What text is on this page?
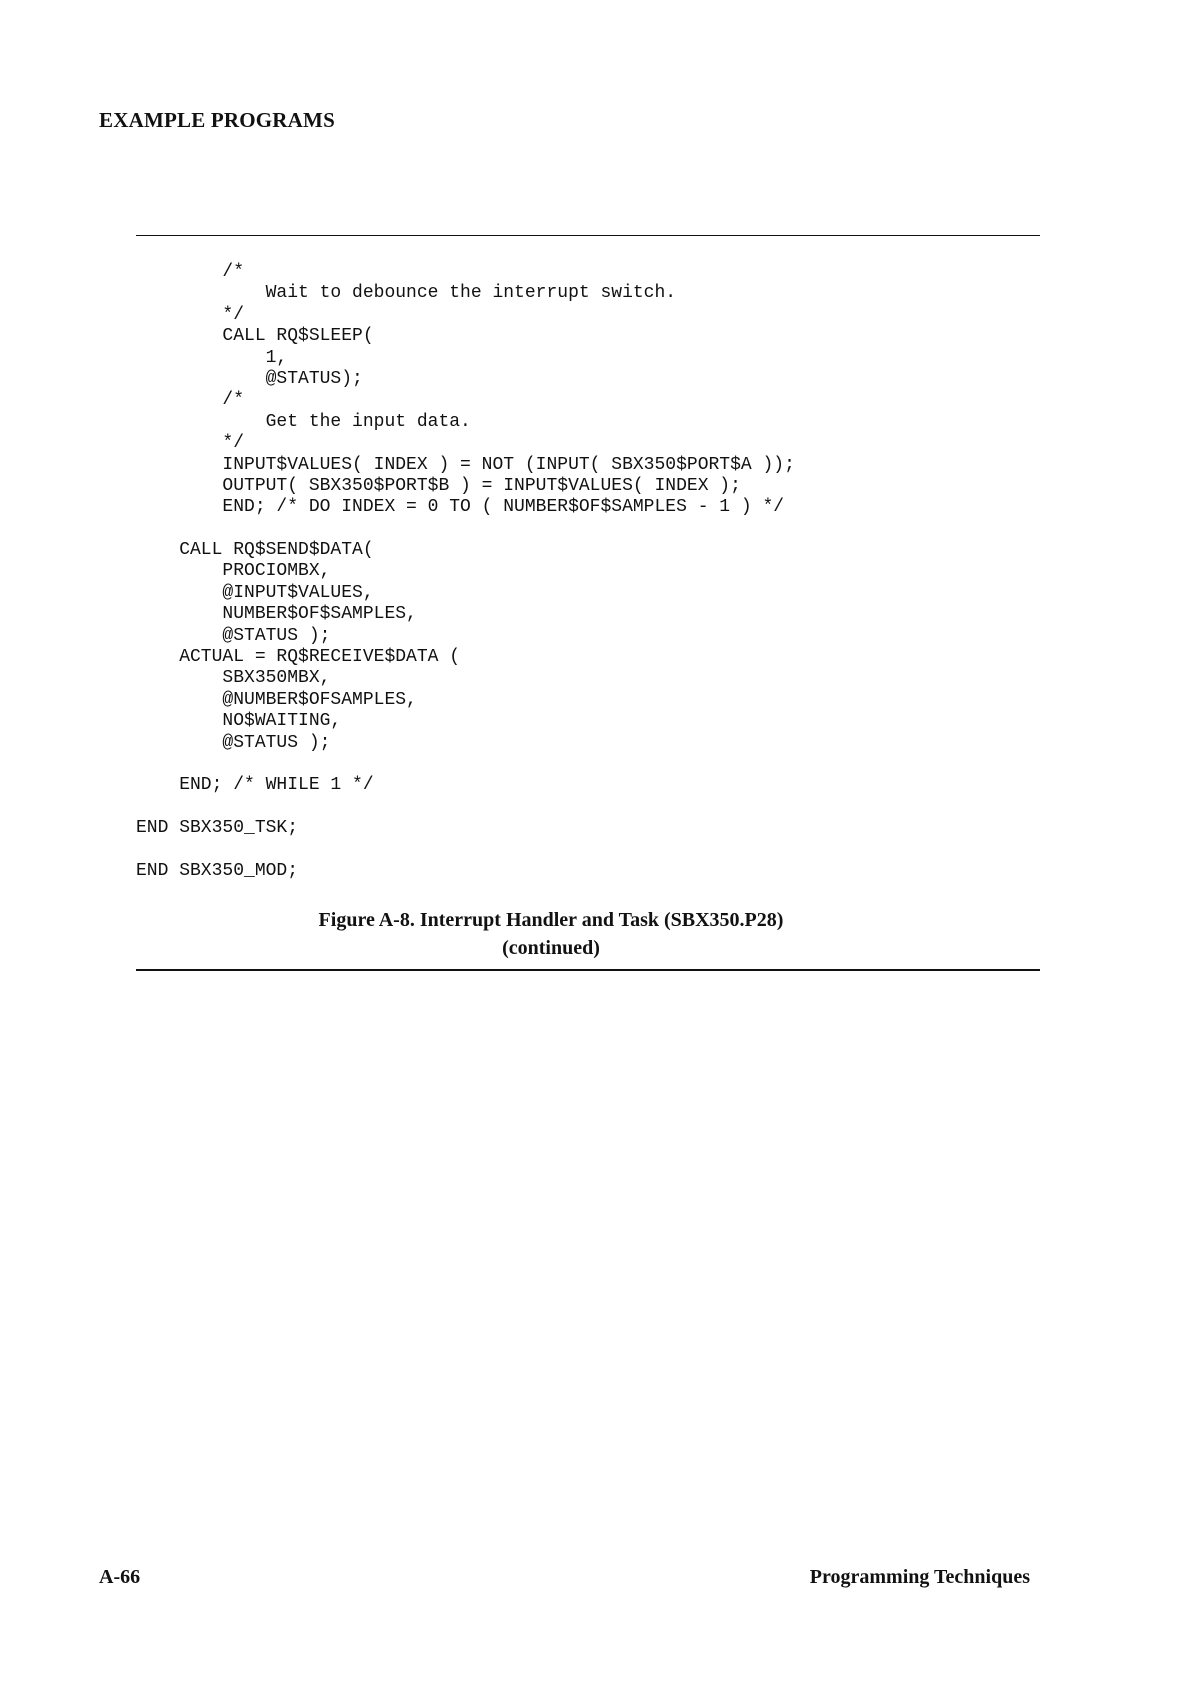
EXAMPLE PROGRAMS
/*
Wait to debounce the interrupt switch.
*/
CALL RQ$SLEEP(
1,
@STATUS);
/*
Get the input data.
*/
INPUT$VALUES( INDEX ) = NOT (INPUT( SBX350$PORT$A ));
OUTPUT( SBX350$PORT$B ) = INPUT$VALUES( INDEX );
END; /* DO INDEX = 0 TO ( NUMBER$OF$SAMPLES - 1 ) */
CALL RQ$SEND$DATA(
PROCIOMBX,
@INPUT$VALUES,
NUMBER$OF$SAMPLES,
@STATUS );
ACTUAL = RQ$RECEIVE$DATA (
SBX350MBX,
@NUMBER$OFSAMPLES,
NO$WAITING,
@STATUS );
END; /* WHILE 1 */
END SBX350_TSK;
END SBX350_MOD;
Figure A-8. Interrupt Handler and Task (SBX350.P28)
(continued)
A-66	Programming Techniques
